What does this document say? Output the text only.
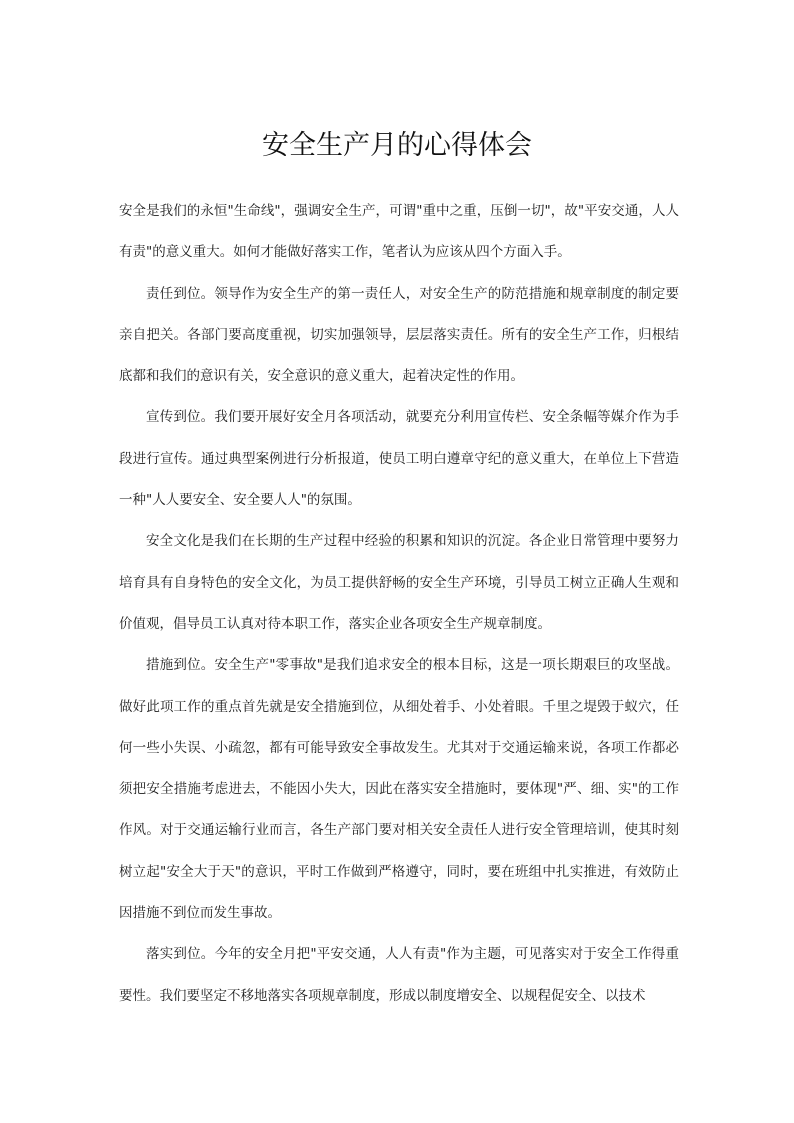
安全生产月的心得体会

安全是我们的永恒"生命线"，强调安全生产，可谓"重中之重，压倒一切"，故"平安交通，人人有责"的意义重大。如何才能做好落实工作，笔者认为应该从四个方面入手。

责任到位。领导作为安全生产的第一责任人，对安全生产的防范措施和规章制度的制定要亲自把关。各部门要高度重视，切实加强领导，层层落实责任。所有的安全生产工作，归根结底都和我们的意识有关，安全意识的意义重大，起着决定性的作用。

宣传到位。我们要开展好安全月各项活动，就要充分利用宣传栏、安全条幅等媒介作为手段进行宣传。通过典型案例进行分析报道，使员工明白遵章守纪的意义重大，在单位上下营造一种"人人要安全、安全要人人"的氛围。

安全文化是我们在长期的生产过程中经验的积累和知识的沉淀。各企业日常管理中要努力培育具有自身特色的安全文化，为员工提供舒畅的安全生产环境，引导员工树立正确人生观和价值观，倡导员工认真对待本职工作，落实企业各项安全生产规章制度。

措施到位。安全生产"零事故"是我们追求安全的根本目标，这是一项长期艰巨的攻坚战。做好此项工作的重点首先就是安全措施到位，从细处着手、小处着眼。千里之堤毁于蚁穴，任何一些小失误、小疏忽，都有可能导致安全事故发生。尤其对于交通运输来说，各项工作都必须把安全措施考虑进去，不能因小失大，因此在落实安全措施时，要体现"严、细、实"的工作作风。对于交通运输行业而言，各生产部门要对相关安全责任人进行安全管理培训，使其时刻树立起"安全大于天"的意识，平时工作做到严格遵守，同时，要在班组中扎实推进，有效防止因措施不到位而发生事故。

落实到位。今年的安全月把"平安交通，人人有责"作为主题，可见落实对于安全工作得重要性。我们要坚定不移地落实各项规章制度，形成以制度增安全、以规程促安全、以技术
